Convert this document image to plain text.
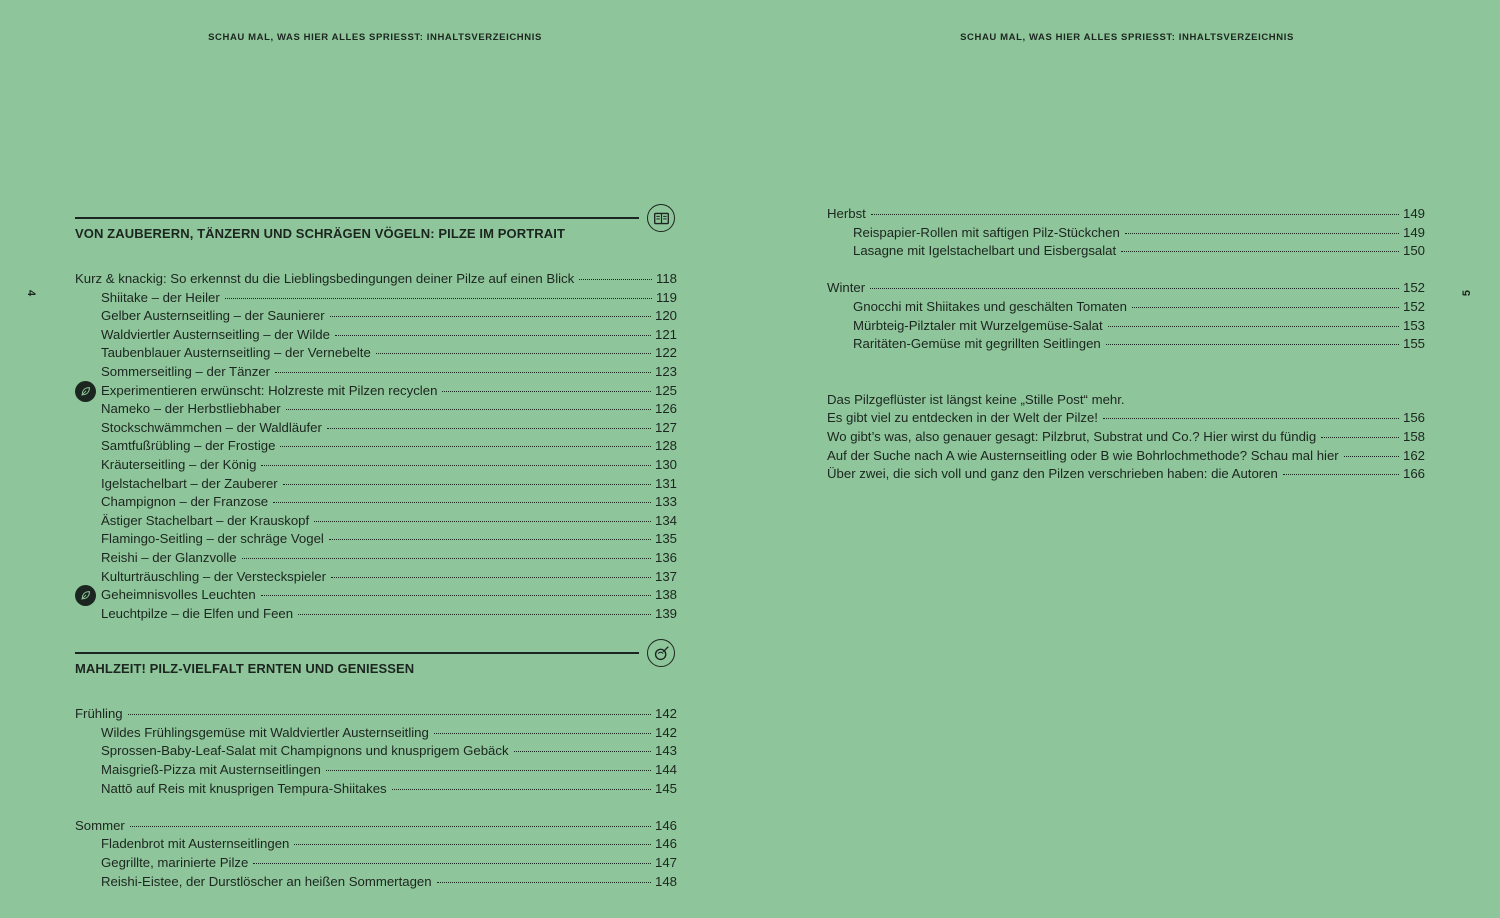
SCHAU MAL, WAS HIER ALLES SPRIESST: INHALTSVERZEICHNIS	SCHAU MAL, WAS HIER ALLES SPRIESST: INHALTSVERZEICHNIS
4	5
VON ZAUBERERN, TÄNZERN UND SCHRÄGEN VÖGELN: PILZE IM PORTRAIT
Kurz & knackig: So erkennst du die Lieblingsbedingungen deiner Pilze auf einen Blick	118
Shiitake – der Heiler	119
Gelber Austernseitling – der Saunierer	120
Waldviertler Austernseitling – der Wilde	121
Taubenblauer Austernseitling – der Vernebelte	122
Sommerseitling – der Tänzer	123
Experimentieren erwünscht: Holzreste mit Pilzen recyclen	125
Nameko – der Herbstliebhaber	126
Stockschwämmchen – der Waldläufer	127
Samtfußrübling – der Frostige	128
Kräuterseitling – der König	130
Igelstachelbart – der Zauberer	131
Champignon – der Franzose	133
Ästiger Stachelbart – der Krauskopf	134
Flamingo-Seitling – der schräge Vogel	135
Reishi – der Glanzvolle	136
Kulturträuschling – der Versteckspieler	137
Geheimnisvolles Leuchten	138
Leuchtpilze – die Elfen und Feen	139
MAHLZEIT! PILZ-VIELFALT ERNTEN UND GENIESSEN
Frühling	142
Wildes Frühlingsgemüse mit Waldviertler Austernseitling	142
Sprossen-Baby-Leaf-Salat mit Champignons und knusprigem Gebäck	143
Maisgrieß-Pizza mit Austernseitlingen	144
Nattō auf Reis mit knusprigen Tempura-Shiitakes	145
Sommer	146
Fladenbrot mit Austernseitlingen	146
Gegrillte, marinierte Pilze	147
Reishi-Eistee, der Durstlöscher an heißen Sommertagen	148
Herbst	149
Reispapier-Rollen mit saftigen Pilz-Stückchen	149
Lasagne mit Igelstachelbart und Eisbergsalat	150
Winter	152
Gnocchi mit Shiitakes und geschälten Tomaten	152
Mürbteig-Pilztaler mit Wurzelgemüse-Salat	153
Raritäten-Gemüse mit gegrillten Seitlingen	155
Das Pilzgeflüster ist längst keine „Stille Post“ mehr.
Es gibt viel zu entdecken in der Welt der Pilze!	156
Wo gibt’s was, also genauer gesagt: Pilzbrut, Substrat und Co.? Hier wirst du fündig	158
Auf der Suche nach A wie Austernseitling oder B wie Bohrlochmethode? Schau mal hier	162
Über zwei, die sich voll und ganz den Pilzen verschrieben haben: die Autoren	166
